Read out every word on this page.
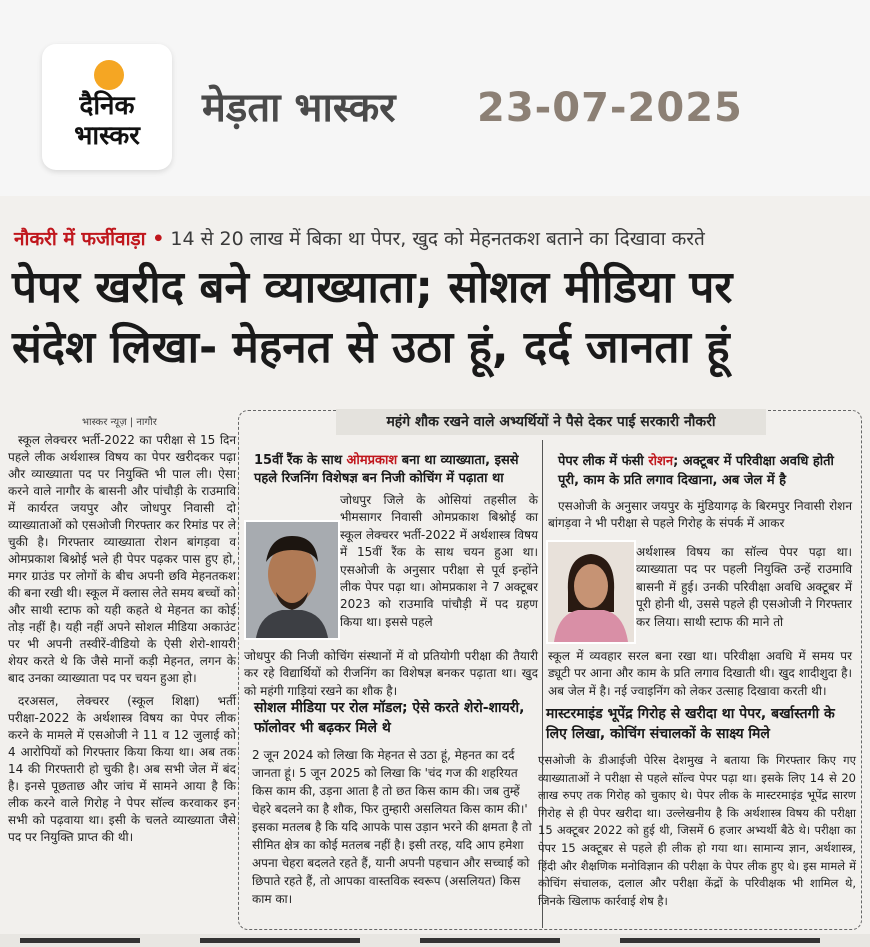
दैनिक
भास्कर
मेड़ता भास्कर 23-07-2025
नौकरी में फर्जीवाड़ा • 14 से 20 लाख में बिका था पेपर, खुद को मेहनतकश बताने का दिखावा करते
पेपर खरीद बने व्याख्याता; सोशल मीडिया पर
संदेश लिखा- मेहनत से उठा हूं, दर्द जानता हूं
भास्कर न्यूज़ | नागौर

स्कूल लेक्चरर भर्ती-2022 का परीक्षा से 15 दिन पहले लीक अर्थशास्त्र विषय का पेपर खरीदकर पढ़ा और व्याख्याता पद पर नियुक्ति भी पाल ली। ऐसा करने वाले नागौर के बासनी और पांचौड़ी के राउमावि में कार्यरत जयपुर और जोधपुर निवासी दो व्याख्याताओं को एसओजी गिरफ्तार कर रिमांड पर ले चुकी है। गिरफ्तार व्याख्याता रोशन बांगड़वा व ओमप्रकाश बिश्नोई भले ही पेपर पढ़कर पास हुए हो, मगर ग्राउंड पर लोगों के बीच अपनी छवि मेहनतकश की बना रखी थी। स्कूल में क्लास लेते समय बच्चों को और साथी स्टाफ को यही कहते थे मेहनत का कोई तोड़ नहीं है। यही नहीं अपने सोशल मीडिया अकाउंट पर भी अपनी तस्वीरें-वीडियो के ऐसी शेरो-शायरी शेयर करते थे कि जैसे मानों कड़ी मेहनत, लगन के बाद उनका व्याख्याता पद पर चयन हुआ हो।

दरअसल, लेक्चरर (स्कूल शिक्षा) भर्ती परीक्षा-2022 के अर्थशास्त्र विषय का पेपर लीक करने के मामले में एसओजी ने 11 व 12 जुलाई को 4 आरोपियों को गिरफ्तार किया किया था। अब तक 14 की गिरफ्तारी हो चुकी है। अब सभी जेल में बंद है। इनसे पूछताछ और जांच में सामने आया है कि लीक करने वाले गिरोह ने पेपर सॉल्व करवाकर इन सभी को पढ़वाया था। इसी के चलते व्याख्याता जैसे पद पर नियुक्ति प्राप्त की थी।

महंगे शौक रखने वाले अभ्यर्थियों ने पैसे देकर पाई सरकारी नौकरी
15वीं रैंक के साथ ओमप्रकाश बना था व्याख्याता, इससे पहले रिजनिंग विशेषज्ञ बन निजी कोचिंग में पढ़ाता था
जोधपुर जिले के ओसियां तहसील के भीमसागर निवासी ओमप्रकाश बिश्नोई का स्कूल लेक्चरर भर्ती-2022 में अर्थशास्त्र विषय में 15वीं रैंक के साथ चयन हुआ था। एसओजी के अनुसार परीक्षा से पूर्व इन्होंने लीक पेपर पढ़ा था। ओमप्रकाश ने 7 अक्टूबर 2023 को राउमावि पांचौड़ी में पद ग्रहण किया था। इससे पहले
जोधपुर की निजी कोचिंग संस्थानों में वो प्रतियोगी परीक्षा की तैयारी कर रहे विद्यार्थियों को रीजनिंग का विशेषज्ञ बनकर पढ़ाता था। खुद को महंगी गाड़ियां रखने का शौक है।
सोशल मीडिया पर रोल मॉडल; ऐसे करते शेरो-शायरी, फॉलोवर भी बढ़कर मिले थे
2 जून 2024 को लिखा कि मेहनत से उठा हूं, मेहनत का दर्द जानता हूं। 5 जून 2025 को लिखा कि 'चंद गज की शहरियत किस काम की, उड़ना आता है तो छत किस काम की। जब तुम्हें चेहरे बदलने का है शौक, फिर तुम्हारी असलियत किस काम की।' इसका मतलब है कि यदि आपके पास उड़ान भरने की क्षमता है तो सीमित क्षेत्र का कोई मतलब नहीं है। इसी तरह, यदि आप हमेशा अपना चेहरा बदलते रहते हैं, यानी अपनी पहचान और सच्चाई को छिपाते रहते हैं, तो आपका वास्तविक स्वरूप (असलियत) किस काम का।
पेपर लीक में फंसी रोशन; अक्टूबर में परिवीक्षा अवधि होती पूरी, काम के प्रति लगाव दिखाना, अब जेल में है
एसओजी के अनुसार जयपुर के मुंडियागढ़ के बिरमपुर निवासी रोशन बांगड़वा ने भी परीक्षा से पहले गिरोह के संपर्क में आकर
अर्थशास्त्र विषय का सॉल्व पेपर पढ़ा था। व्याख्याता पद पर पहली नियुक्ति उन्हें राउमावि बासनी में हुई। उनकी परिवीक्षा अवधि अक्टूबर में पूरी होनी थी, उससे पहले ही एसओजी ने गिरफ्तार कर लिया। साथी स्टाफ की माने तो
स्कूल में व्यवहार सरल बना रखा था। परिवीक्षा अवधि में समय पर ड्यूटी पर आना और काम के प्रति लगाव दिखाती थी। खुद शादीशुदा है। अब जेल में है। नई ज्वाइनिंग को लेकर उत्साह दिखावा करती थी।
मास्टरमाइंड भूपेंद्र गिरोह से खरीदा था पेपर, बर्खास्तगी के लिए लिखा, कोचिंग संचालकों के साक्ष्य मिले
एसओजी के डीआईजी पेरिस देशमुख ने बताया कि गिरफ्तार किए गए व्याख्याताओं ने परीक्षा से पहले सॉल्व पेपर पढ़ा था। इसके लिए 14 से 20 लाख रुपए तक गिरोह को चुकाए थे। पेपर लीक के मास्टरमाइंड भूपेंद्र सारण गिरोह से ही पेपर खरीदा था। उल्लेखनीय है कि अर्थशास्त्र विषय की परीक्षा 15 अक्टूबर 2022 को हुई थी, जिसमें 6 हजार अभ्यर्थी बैठे थे। परीक्षा का पेपर 15 अक्टूबर से पहले ही लीक हो गया था। सामान्य ज्ञान, अर्थशास्त्र, हिंदी और शैक्षणिक मनोविज्ञान की परीक्षा के पेपर लीक हुए थे। इस मामले में कोचिंग संचालक, दलाल और परीक्षा केंद्रों के परिवीक्षक भी शामिल थे, जिनके खिलाफ कार्रवाई शेष है।
